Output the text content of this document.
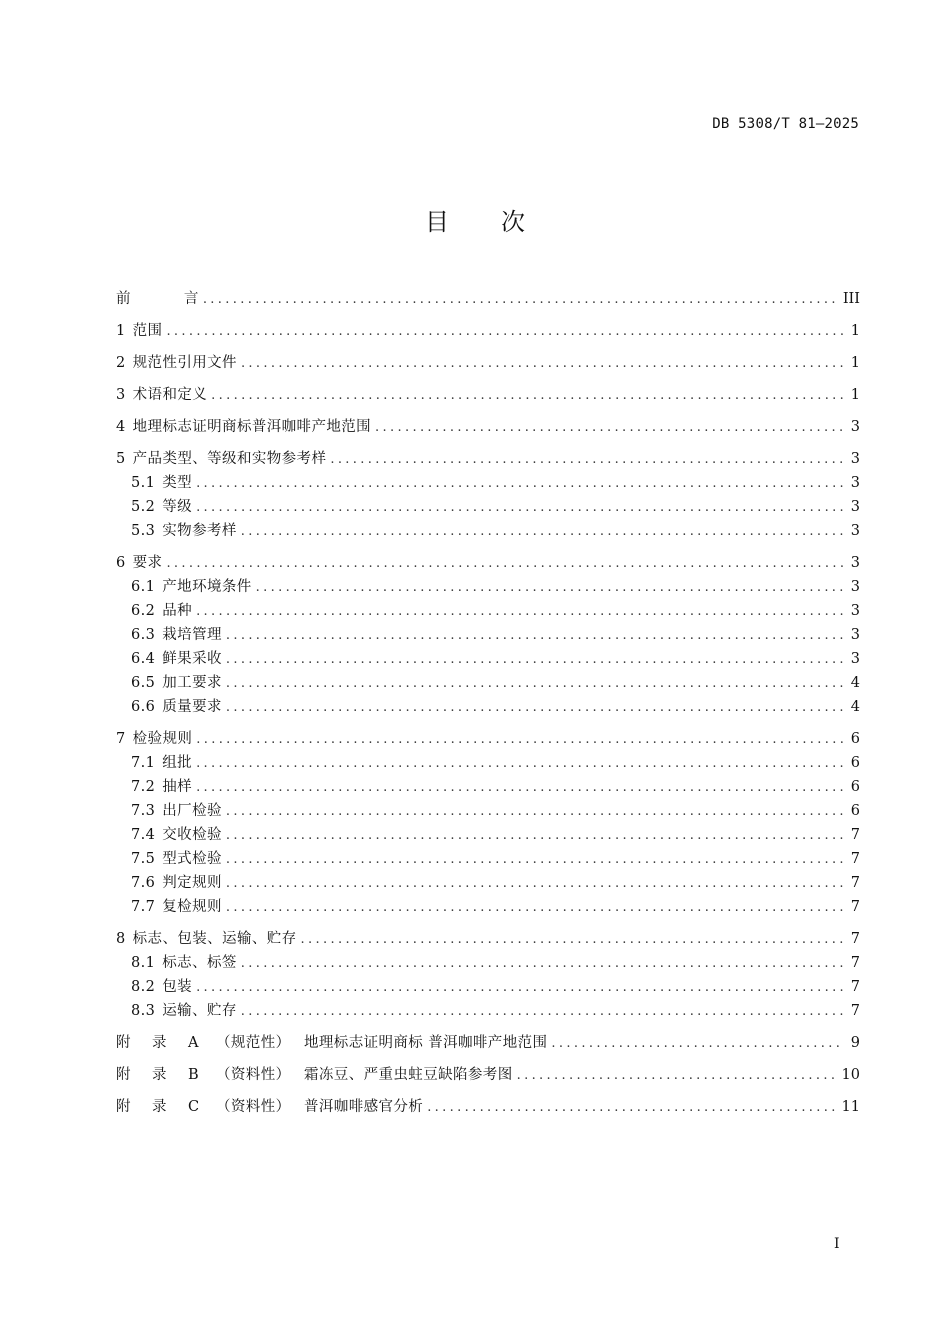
DB 5308/T 81—2025
目 次
前	言 .....	III
1 范围 .....	1
2 规范性引用文件 .....	1
3 术语和定义 .....	1
4 地理标志证明商标普洱咖啡产地范围 .....	3
5 产品类型、等级和实物参考样 .....	3
5.1 类型 .....	3
5.2 等级 .....	3
5.3 实物参考样 .....	3
6 要求 .....	3
6.1 产地环境条件 .....	3
6.2 品种 .....	3
6.3 栽培管理 .....	3
6.4 鲜果采收 .....	3
6.5 加工要求 .....	4
6.6 质量要求 .....	4
7 检验规则 .....	6
7.1 组批 .....	6
7.2 抽样 .....	6
7.3 出厂检验 .....	6
7.4 交收检验 .....	7
7.5 型式检验 .....	7
7.6 判定规则 .....	7
7.7 复检规则 .....	7
8 标志、包装、运输、贮存 .....	7
8.1 标志、标签 .....	7
8.2 包装 .....	7
8.3 运输、贮存 .....	7
附 录 A （规范性） 地理标志证明商标 普洱咖啡产地范围 .....	9
附 录 B （资料性） 霜冻豆、严重虫蛀豆缺陷参考图 .....	10
附 录 C （资料性） 普洱咖啡感官分析 .....	11
I
